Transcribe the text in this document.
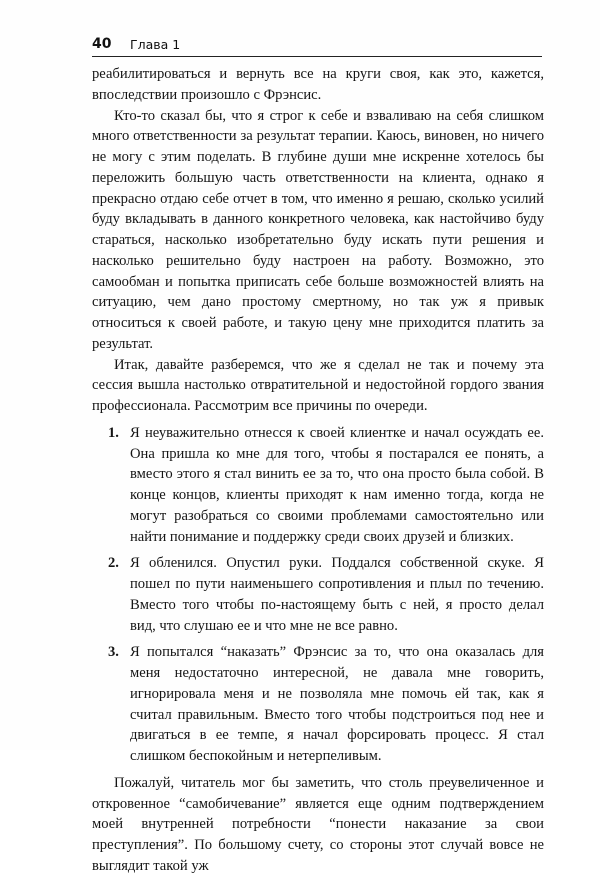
40 Глава 1

реабилитироваться и вернуть все на круги своя, как это, кажется, впоследствии произошло с Фрэнсис.

Кто-то сказал бы, что я строг к себе и взваливаю на себя слишком много ответственности за результат терапии. Каюсь, виновен, но ничего не могу с этим поделать. В глубине души мне искренне хотелось бы переложить большую часть ответственности на клиента, однако я прекрасно отдаю себе отчет в том, что именно я решаю, сколько усилий буду вкладывать в данного конкретного человека, как настойчиво буду стараться, насколько изобретательно буду искать пути решения и насколько решительно буду настроен на работу. Возможно, это самообман и попытка приписать себе больше возможностей влиять на ситуацию, чем дано простому смертному, но так уж я привык относиться к своей работе, и такую цену мне приходится платить за результат.

Итак, давайте разберемся, что же я сделал не так и почему эта сессия вышла настолько отвратительной и недостойной гордого звания профессионала. Рассмотрим все причины по очереди.

1. Я неуважительно отнесся к своей клиентке и начал осуждать ее. Она пришла ко мне для того, чтобы я постарался ее понять, а вместо этого я стал винить ее за то, что она просто была собой. В конце концов, клиенты приходят к нам именно тогда, когда не могут разобраться со своими проблемами самостоятельно или найти понимание и поддержку среди своих друзей и близких.
2. Я обленился. Опустил руки. Поддался собственной скуке. Я пошел по пути наименьшего сопротивления и плыл по течению. Вместо того чтобы по-настоящему быть с ней, я просто делал вид, что слушаю ее и что мне не все равно.
3. Я попытался “наказать” Фрэнсис за то, что она оказалась для меня недостаточно интересной, не давала мне говорить, игнорировала меня и не позволяла мне помочь ей так, как я считал правильным. Вместо того чтобы подстроиться под нее и двигаться в ее темпе, я начал форсировать процесс. Я стал слишком беспокойным и нетерпеливым.

Пожалуй, читатель мог бы заметить, что столь преувеличенное и откровенное “самобичевание” является еще одним подтверждением моей внутренней потребности “понести наказание за свои преступления”. По большому счету, со стороны этот случай вовсе не выглядит такой уж
